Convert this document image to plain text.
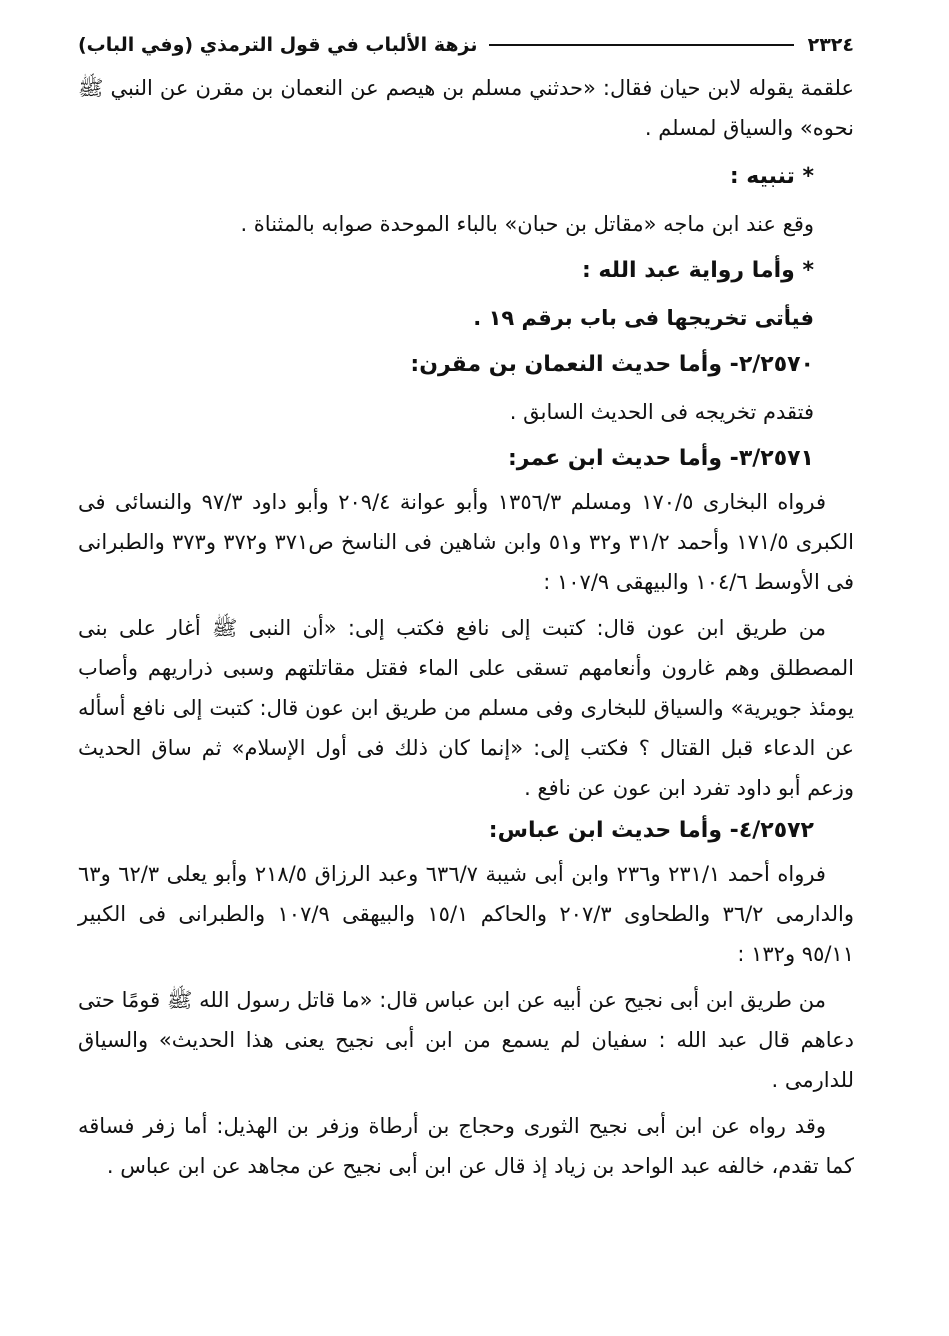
٢٣٢٤
نزهة الألباب في قول الترمذي (وفي الباب)

علقمة يقوله لابن حيان فقال: «حدثني مسلم بن هيصم عن النعمان بن مقرن عن النبي ﷺ نحوه» والسياق لمسلم .

* تنبيه :

وقع عند ابن ماجه «مقاتل بن حبان» بالباء الموحدة صوابه بالمثناة .

* وأما رواية عبد الله :

فيأتى تخريجها فى باب برقم ١٩ .

٢/٢٥٧٠- وأما حديث النعمان بن مقرن:

فتقدم تخريجه فى الحديث السابق .

٣/٢٥٧١- وأما حديث ابن عمر:

فرواه البخارى ١٧٠/٥ ومسلم ١٣٥٦/٣ وأبو عوانة ٢٠٩/٤ وأبو داود ٩٧/٣ والنسائى فى الكبرى ١٧١/٥ وأحمد ٣١/٢ و٣٢ و٥١ وابن شاهين فى الناسخ ص٣٧١ و٣٧٢ و٣٧٣ والطبرانى فى الأوسط ١٠٤/٦ والبيهقى ١٠٧/٩ :

من طريق ابن عون قال: كتبت إلى نافع فكتب إلى: «أن النبى ﷺ أغار على بنى المصطلق وهم غارون وأنعامهم تسقى على الماء فقتل مقاتلتهم وسبى ذراريهم وأصاب يومئذ جويرية» والسياق للبخارى وفى مسلم من طريق ابن عون قال: كتبت إلى نافع أسأله عن الدعاء قبل القتال ؟ فكتب إلى: «إنما كان ذلك فى أول الإسلام» ثم ساق الحديث وزعم أبو داود تفرد ابن عون عن نافع .

٤/٢٥٧٢- وأما حديث ابن عباس:

فرواه أحمد ٢٣١/١ و٢٣٦ وابن أبى شيبة ٦٣٦/٧ وعبد الرزاق ٢١٨/٥ وأبو يعلى ٦٢/٣ و٦٣ والدارمى ٣٦/٢ والطحاوى ٢٠٧/٣ والحاكم ١٥/١ والبيهقى ١٠٧/٩ والطبرانى فى الكبير ٩٥/١١ و١٣٢ :

من طريق ابن أبى نجيح عن أبيه عن ابن عباس قال: «ما قاتل رسول الله ﷺ قومًا حتى دعاهم قال عبد الله : سفيان لم يسمع من ابن أبى نجيح يعنى هذا الحديث» والسياق للدارمى .

وقد رواه عن ابن أبى نجيح الثورى وحجاج بن أرطاة وزفر بن الهذيل: أما زفر فساقه كما تقدم، خالفه عبد الواحد بن زياد إذ قال عن ابن أبى نجيح عن مجاهد عن ابن عباس .
